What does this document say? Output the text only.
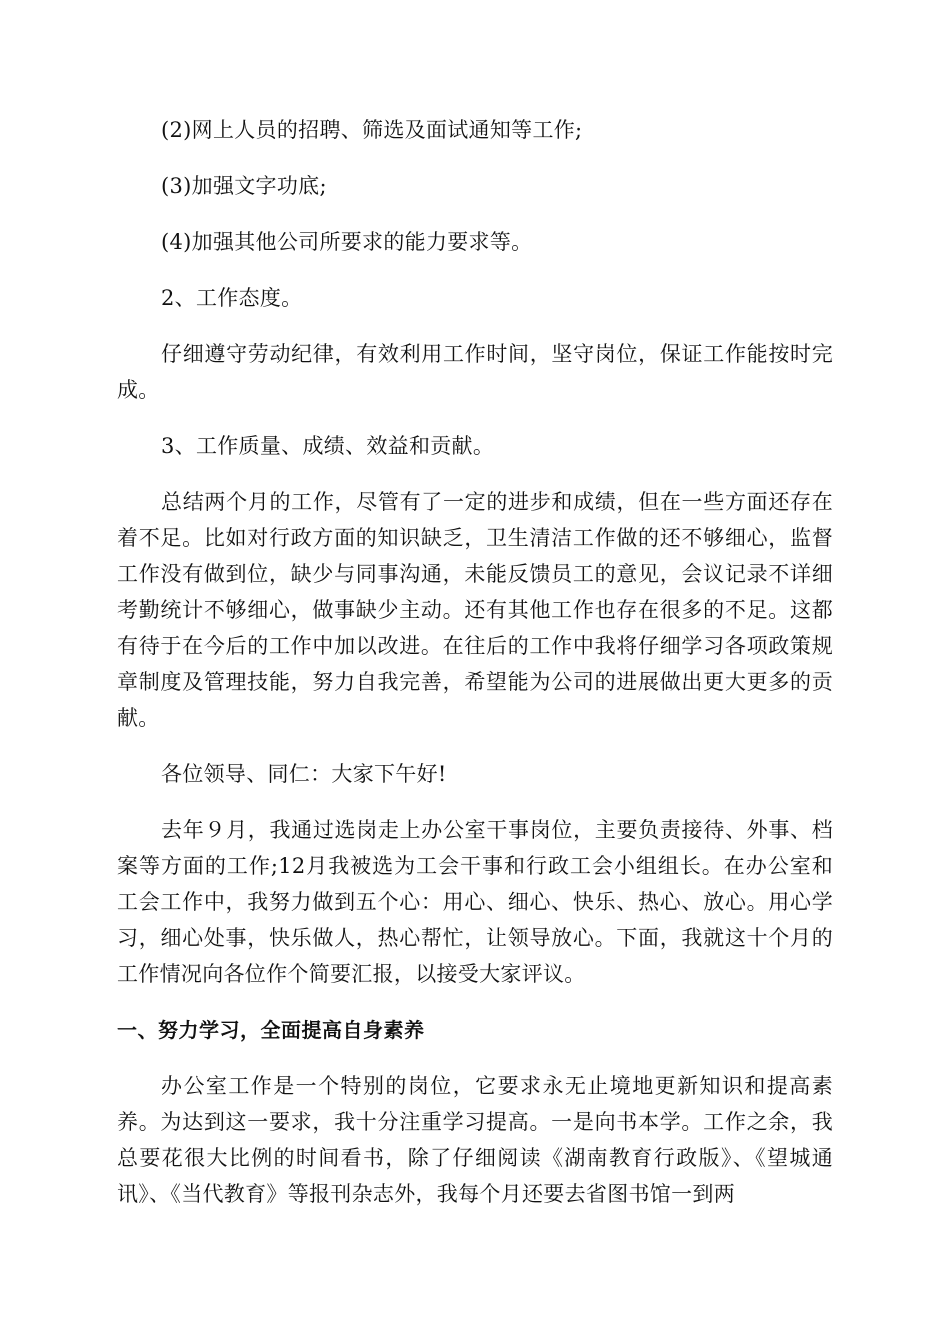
(2)网上人员的招聘、筛选及面试通知等工作;

(3)加强文字功底;

(4)加强其他公司所要求的能力要求等。

2、工作态度。

仔细遵守劳动纪律，有效利用工作时间，坚守岗位，保证工作能按时完成。

3、工作质量、成绩、效益和贡献。

总结两个月的工作，尽管有了一定的进步和成绩，但在一些方面还存在着不足。比如对行政方面的知识缺乏，卫生清洁工作做的还不够细心，监督工作没有做到位，缺少与同事沟通，未能反馈员工的意见，会议记录不详细考勤统计不够细心，做事缺少主动。还有其他工作也存在很多的不足。这都有待于在今后的工作中加以改进。在往后的工作中我将仔细学习各项政策规章制度及管理技能，努力自我完善，希望能为公司的进展做出更大更多的贡献。

各位领导、同仁：大家下午好!

去年９月，我通过选岗走上办公室干事岗位，主要负责接待、外事、档案等方面的工作;12月我被选为工会干事和行政工会小组组长。在办公室和工会工作中，我努力做到五个心：用心、细心、快乐、热心、放心。用心学习，细心处事，快乐做人，热心帮忙，让领导放心。下面，我就这十个月的工作情况向各位作个简要汇报，以接受大家评议。

一、努力学习，全面提高自身素养

办公室工作是一个特别的岗位，它要求永无止境地更新知识和提高素养。为达到这一要求，我十分注重学习提高。一是向书本学。工作之余，我总要花很大比例的时间看书，除了仔细阅读《湖南教育行政版》、《望城通讯》、《当代教育》等报刊杂志外，我每个月还要去省图书馆一到两
